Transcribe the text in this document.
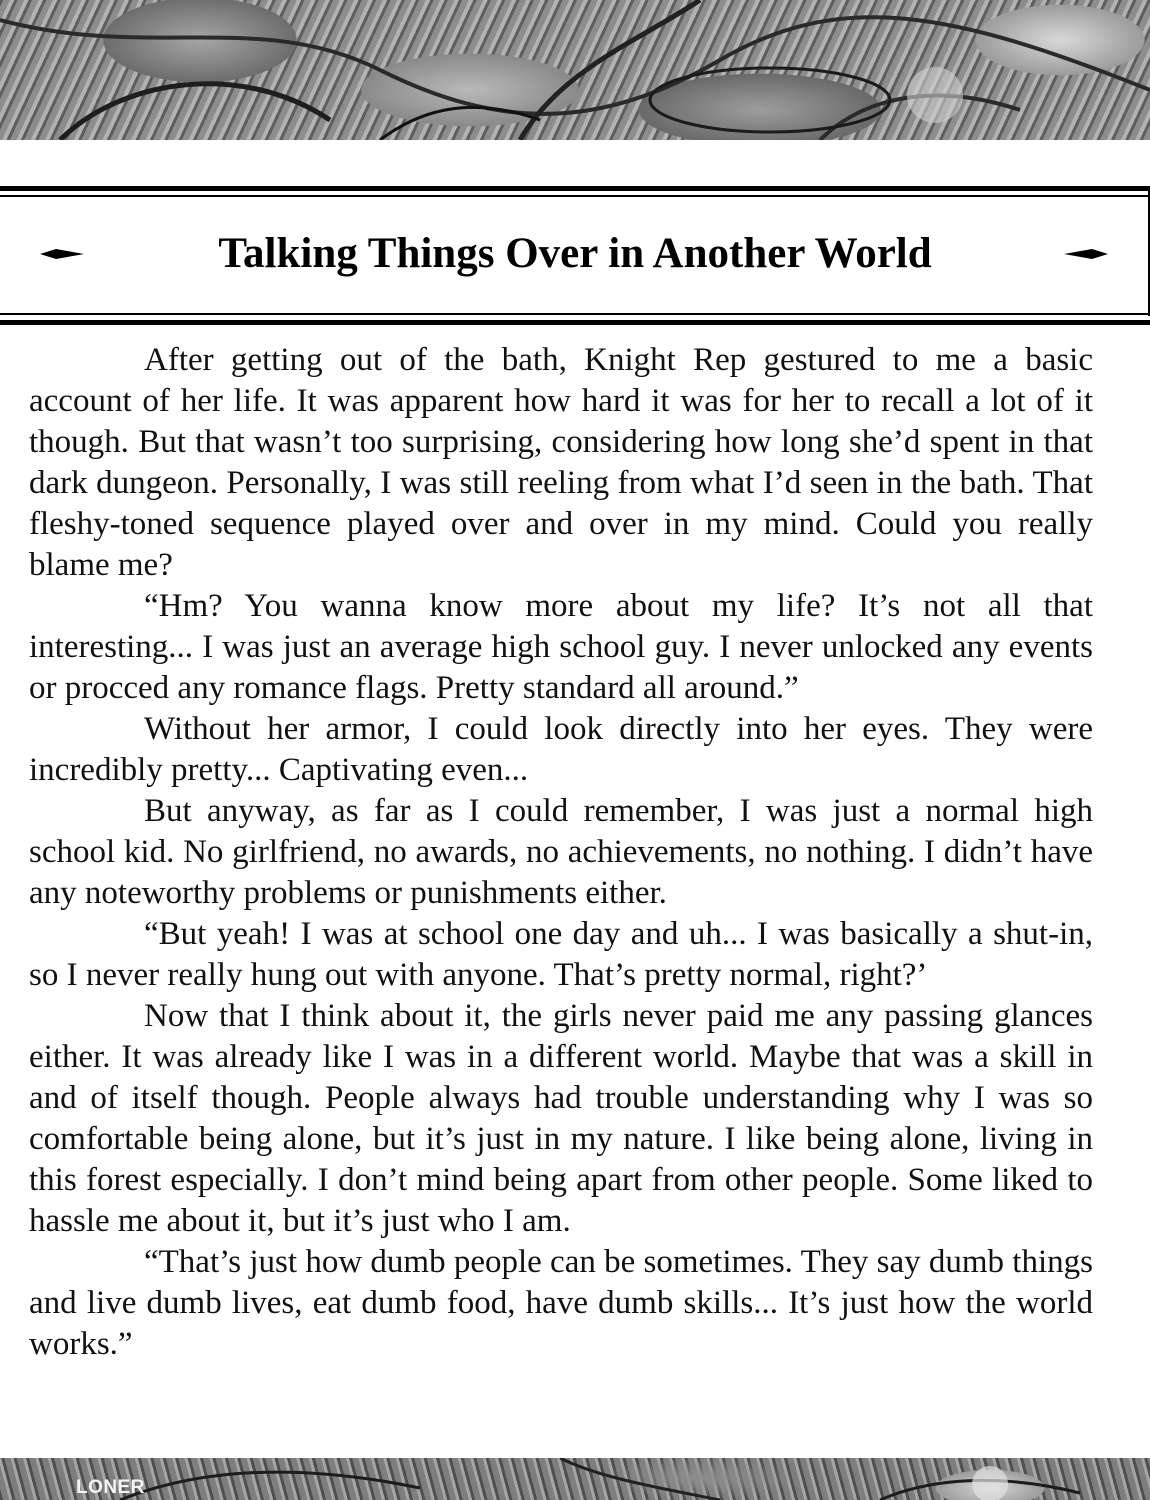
Talking Things Over in Another World

After getting out of the bath, Knight Rep gestured to me a basic account of her life. It was apparent how hard it was for her to recall a lot of it though. But that wasn’t too surprising, considering how long she’d spent in that dark dungeon. Personally, I was still reeling from what I’d seen in the bath. That fleshy-toned sequence played over and over in my mind. Could you really blame me?

“Hm? You wanna know more about my life? It’s not all that interesting... I was just an average high school guy. I never unlocked any events or procced any romance flags. Pretty standard all around.”

Without her armor, I could look directly into her eyes. They were incredibly pretty... Captivating even...

But anyway, as far as I could remember, I was just a normal high school kid. No girlfriend, no awards, no achievements, no nothing. I didn’t have any noteworthy problems or punishments either.

“But yeah! I was at school one day and uh... I was basically a shut-in, so I never really hung out with anyone. That’s pretty normal, right?’

Now that I think about it, the girls never paid me any passing glances either. It was already like I was in a different world. Maybe that was a skill in and of itself though. People always had trouble understanding why I was so comfortable being alone, but it’s just in my nature. I like being alone, living in this forest especially. I don’t mind being apart from other people. Some liked to hassle me about it, but it’s just who I am.

“That’s just how dumb people can be sometimes. They say dumb things and live dumb lives, eat dumb food, have dumb skills... It’s just how the world works.”

LONER
